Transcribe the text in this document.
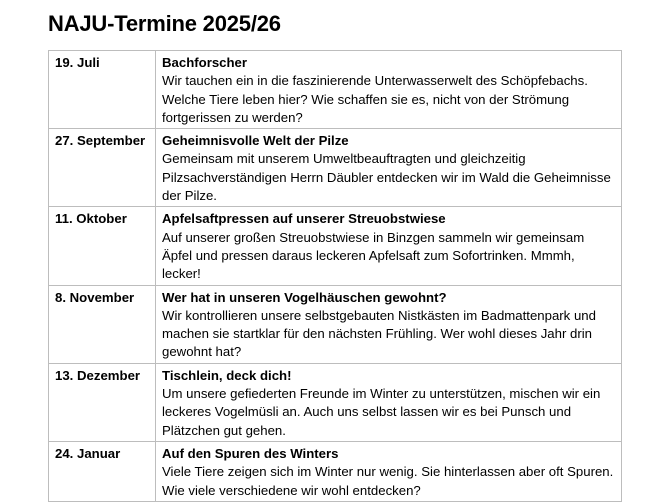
NAJU-Termine 2025/26
19. Juli	Bachforscher
Wir tauchen ein in die faszinierende Unterwasserwelt des Schöpfebachs. Welche Tiere leben hier? Wie schaffen sie es, nicht von der Strömung fortgerissen zu werden?

27. September	Geheimnisvolle Welt der Pilze
Gemeinsam mit unserem Umweltbeauftragten und gleichzeitig Pilzsachverständigen Herrn Däubler entdecken wir im Wald die Geheimnisse der Pilze.

11. Oktober	Apfelsaftpressen auf unserer Streuobstwiese
Auf unserer großen Streuobstwiese in Binzgen sammeln wir gemeinsam Äpfel und pressen daraus leckeren Apfelsaft zum Sofortrinken. Mmmh, lecker!

8. November	Wer hat in unseren Vogelhäuschen gewohnt?
Wir kontrollieren unsere selbstgebauten Nistkästen im Badmattenpark und machen sie startklar für den nächsten Frühling. Wer wohl dieses Jahr drin gewohnt hat?

13. Dezember	Tischlein, deck dich!
Um unsere gefiederten Freunde im Winter zu unterstützen, mischen wir ein leckeres Vogelmüsli an. Auch uns selbst lassen wir es bei Punsch und Plätzchen gut gehen.

24. Januar	Auf den Spuren des Winters
Viele Tiere zeigen sich im Winter nur wenig. Sie hinterlassen aber oft Spuren. Wie viele verschiedene wir wohl entdecken?
